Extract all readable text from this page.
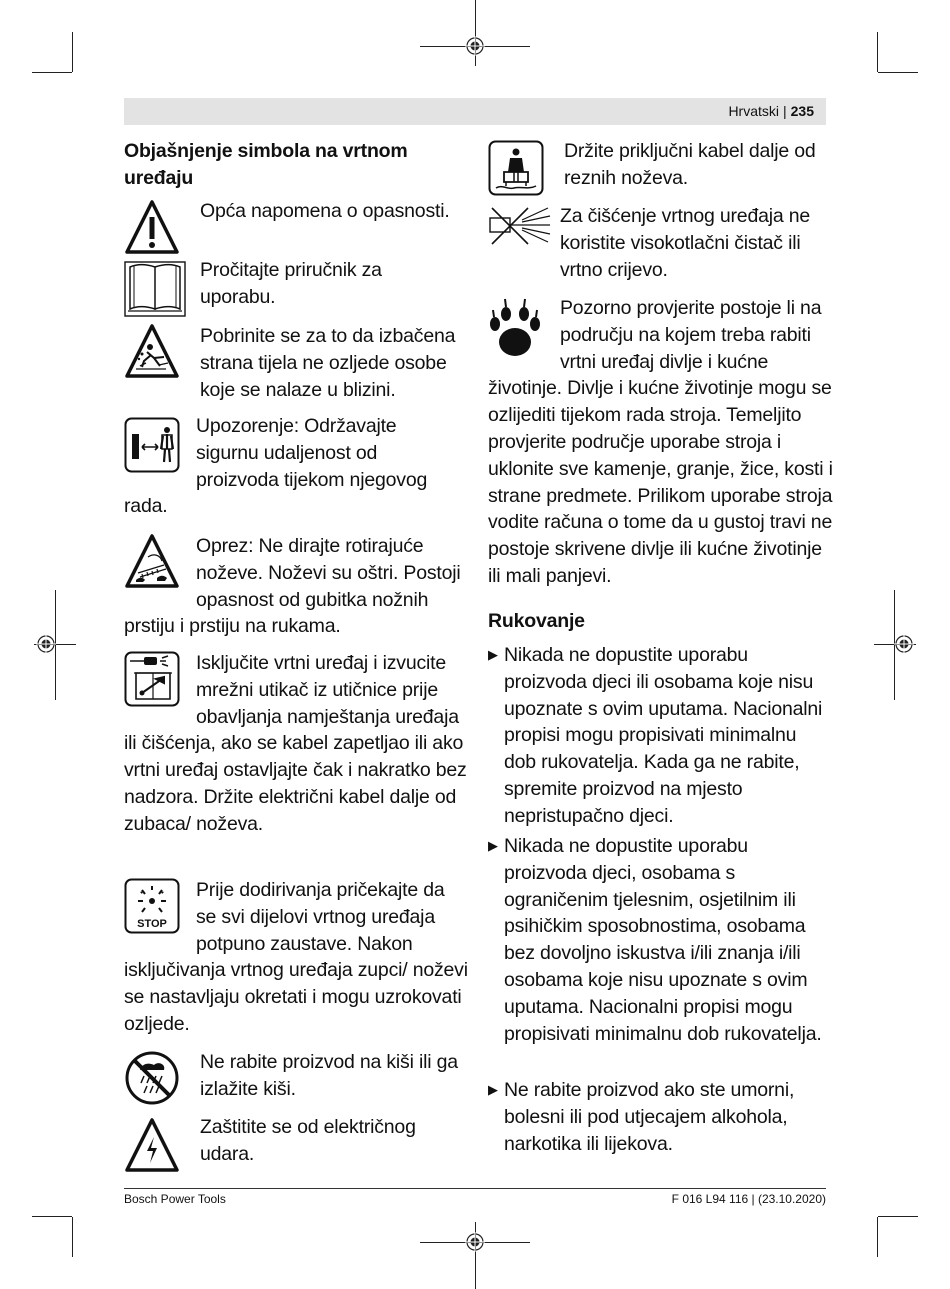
Hrvatski | 235
Objašnjenje simbola na vrtnom uređaju
Opća napomena o opasnosti.
Pročitajte priručnik za uporabu.
Pobrinite se za to da izbačena strana tijela ne ozljede osobe koje se nalaze u blizini.
Upozorenje: Održavajte sigurnu udaljenost od proizvoda tijekom njegovog rada.
Oprez: Ne dirajte rotirajuće noževe. Noževi su oštri. Postoji opasnost od gubitka nožnih prstiju i prstiju na rukama.
Isključite vrtni uređaj i izvucite mrežni utikač iz utičnice prije obavljanja namještanja uređaja ili čišćenja, ako se kabel zapetljao ili ako vrtni uređaj ostavljajte čak i nakratko bez nadzora. Držite električni kabel dalje od zubaca/ noževa.
STOP
Prije dodirivanja pričekajte da se svi dijelovi vrtnog uređaja potpuno zaustave. Nakon isključivanja vrtnog uređaja zupci/ noževi se nastavljaju okretati i mogu uzrokovati ozljede.
Ne rabite proizvod na kiši ili ga izlažite kiši.
Zaštitite se od električnog udara.
Držite priključni kabel dalje od reznih noževa.
Za čišćenje vrtnog uređaja ne koristite visokotlačni čistač ili vrtno crijevo.
Pozorno provjerite postoje li na području na kojem treba rabiti vrtni uređaj divlje i kućne životinje. Divlje i kućne životinje mogu se ozlijediti tijekom rada stroja. Temeljito provjerite područje uporabe stroja i uklonite sve kamenje, granje, žice, kosti i strane predmete. Prilikom uporabe stroja vodite računa o tome da u gustoj travi ne postoje skrivene divlje ili kućne životinje ili mali panjevi.
Rukovanje
▶ Nikada ne dopustite uporabu proizvoda djeci ili osobama koje nisu upoznate s ovim uputama. Nacionalni propisi mogu propisivati minimalnu dob rukovatelja. Kada ga ne rabite, spremite proizvod na mjesto nepristupačno djeci.
▶ Nikada ne dopustite uporabu proizvoda djeci, osobama s ograničenim tjelesnim, osjetilnim ili psihičkim sposobnostima, osobama bez dovoljno iskustva i/ili znanja i/ili osobama koje nisu upoznate s ovim uputama. Nacionalni propisi mogu propisivati minimalnu dob rukovatelja.
▶ Ne rabite proizvod ako ste umorni, bolesni ili pod utjecajem alkohola, narkotika ili lijekova.
Bosch Power Tools	F 016 L94 116 | (23.10.2020)
